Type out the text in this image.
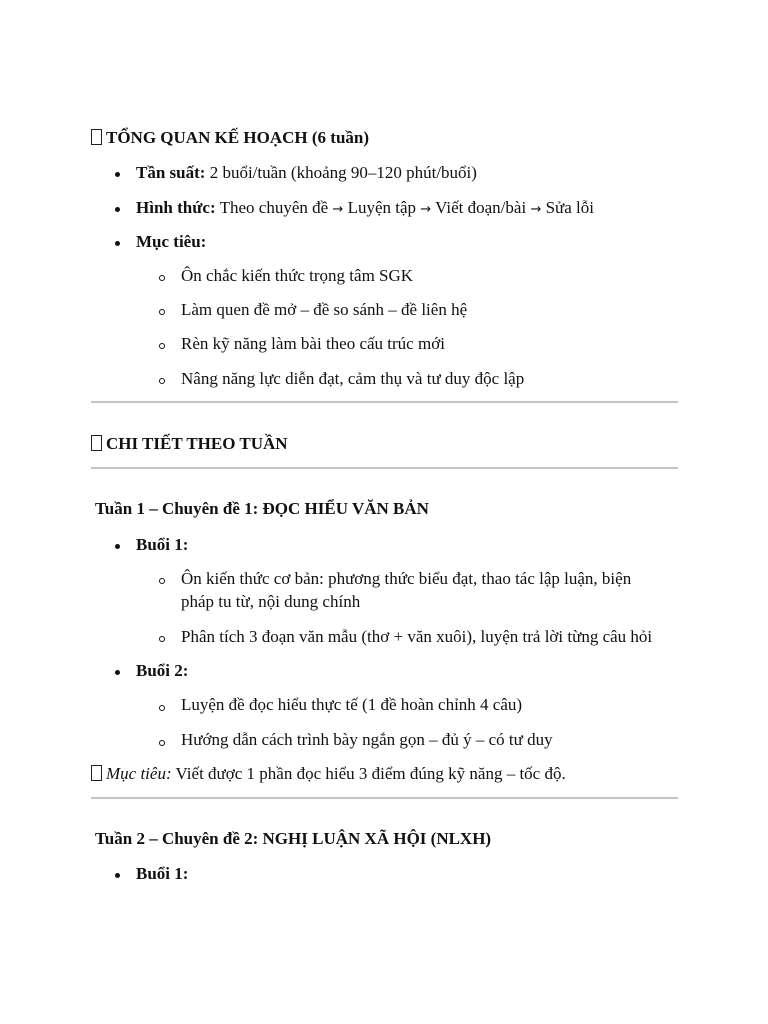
TỔNG QUAN KẾ HOẠCH (6 tuần)
Tần suất: 2 buổi/tuần (khoảng 90–120 phút/buổi)
Hình thức: Theo chuyên đề → Luyện tập → Viết đoạn/bài → Sửa lỗi
Mục tiêu:
Ôn chắc kiến thức trọng tâm SGK
Làm quen đề mở – đề so sánh – đề liên hệ
Rèn kỹ năng làm bài theo cấu trúc mới
Nâng năng lực diễn đạt, cảm thụ và tư duy độc lập
CHI TIẾT THEO TUẦN
Tuần 1 – Chuyên đề 1: ĐỌC HIỂU VĂN BẢN
Buổi 1:
Ôn kiến thức cơ bản: phương thức biểu đạt, thao tác lập luận, biện
pháp tu từ, nội dung chính
Phân tích 3 đoạn văn mẫu (thơ + văn xuôi), luyện trả lời từng câu hỏi
Buổi 2:
Luyện đề đọc hiểu thực tế (1 đề hoàn chỉnh 4 câu)
Hướng dẫn cách trình bày ngắn gọn – đủ ý – có tư duy
Mục tiêu: Viết được 1 phần đọc hiểu 3 điểm đúng kỹ năng – tốc độ.
Tuần 2 – Chuyên đề 2: NGHỊ LUẬN XÃ HỘI (NLXH)
Buổi 1:
